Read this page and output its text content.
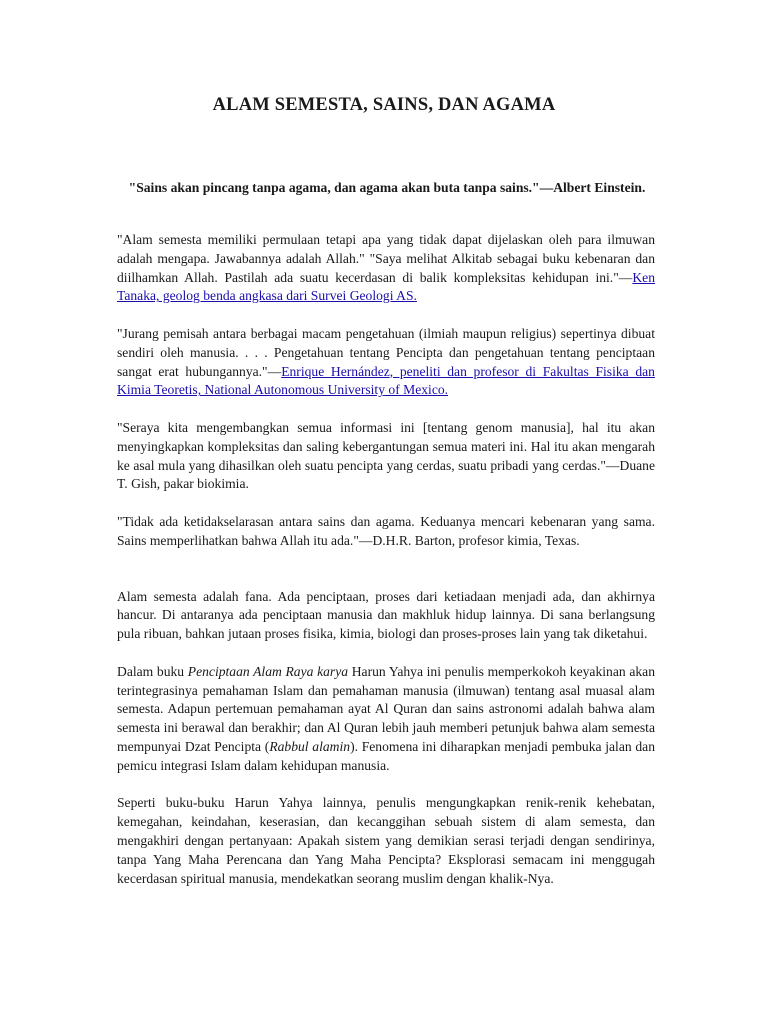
ALAM SEMESTA, SAINS, DAN AGAMA

"Sains akan pincang tanpa agama, dan agama akan buta tanpa sains."—Albert Einstein.

"Alam semesta memiliki permulaan tetapi apa yang tidak dapat dijelaskan oleh para ilmuwan adalah mengapa. Jawabannya adalah Allah." "Saya melihat Alkitab sebagai buku kebenaran dan diilhamkan Allah. Pastilah ada suatu kecerdasan di balik kompleksitas kehidupan ini."—Ken Tanaka, geolog benda angkasa dari Survei Geologi AS.

"Jurang pemisah antara berbagai macam pengetahuan (ilmiah maupun religius) sepertinya dibuat sendiri oleh manusia. . . . Pengetahuan tentang Pencipta dan pengetahuan tentang penciptaan sangat erat hubungannya."—Enrique Hernández, peneliti dan profesor di Fakultas Fisika dan Kimia Teoretis, National Autonomous University of Mexico.

"Seraya kita mengembangkan semua informasi ini [tentang genom manusia], hal itu akan menyingkapkan kompleksitas dan saling kebergantungan semua materi ini. Hal itu akan mengarah ke asal mula yang dihasilkan oleh suatu pencipta yang cerdas, suatu pribadi yang cerdas."—Duane T. Gish, pakar biokimia.

"Tidak ada ketidakselarasan antara sains dan agama. Keduanya mencari kebenaran yang sama. Sains memperlihatkan bahwa Allah itu ada."—D.H.R. Barton, profesor kimia, Texas.

Alam semesta adalah fana. Ada penciptaan, proses dari ketiadaan menjadi ada, dan akhirnya hancur. Di antaranya ada penciptaan manusia dan makhluk hidup lainnya. Di sana berlangsung pula ribuan, bahkan jutaan proses fisika, kimia, biologi dan proses-proses lain yang tak diketahui.

Dalam buku Penciptaan Alam Raya karya Harun Yahya ini penulis memperkokoh keyakinan akan terintegrasinya pemahaman Islam dan pemahaman manusia (ilmuwan) tentang asal muasal alam semesta. Adapun pertemuan pemahaman ayat Al Quran dan sains astronomi adalah bahwa alam semesta ini berawal dan berakhir; dan Al Quran lebih jauh memberi petunjuk bahwa alam semesta mempunyai Dzat Pencipta (Rabbul alamin). Fenomena ini diharapkan menjadi pembuka jalan dan pemicu integrasi Islam dalam kehidupan manusia.

Seperti buku-buku Harun Yahya lainnya, penulis mengungkapkan renik-renik kehebatan, kemegahan, keindahan, keserasian, dan kecanggihan sebuah sistem di alam semesta, dan mengakhiri dengan pertanyaan: Apakah sistem yang demikian serasi terjadi dengan sendirinya, tanpa Yang Maha Perencana dan Yang Maha Pencipta? Eksplorasi semacam ini menggugah kecerdasan spiritual manusia, mendekatkan seorang muslim dengan khalik-Nya.
